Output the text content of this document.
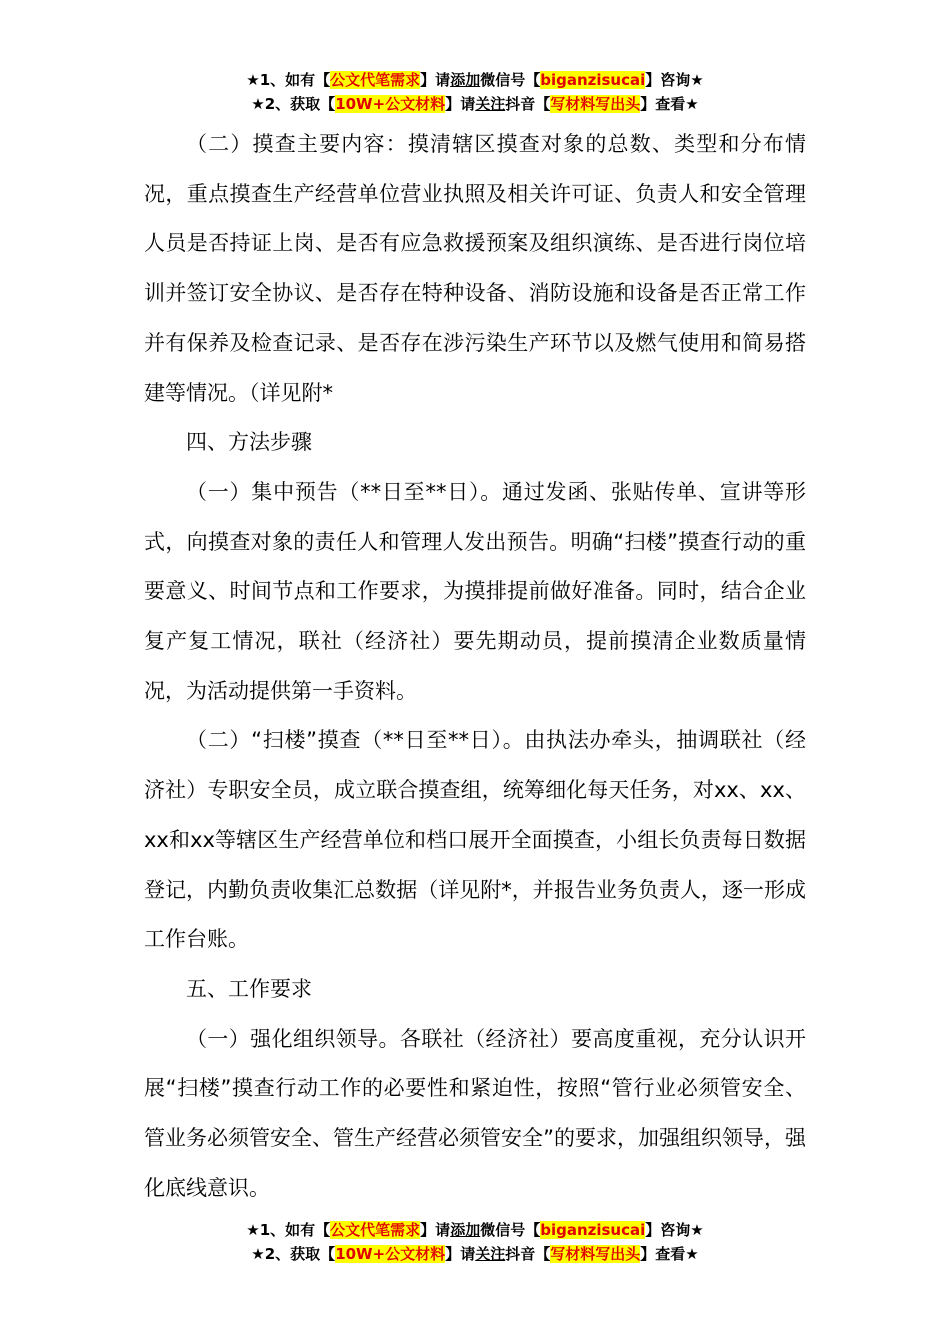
★1、如有【公文代笔需求】请添加微信号【biganzisucai】咨询★
★2、获取【10W+公文材料】请关注抖音【写材料写出头】查看★

（二）摸查主要内容：摸清辖区摸查对象的总数、类型和分布情况，重点摸查生产经营单位营业执照及相关许可证、负责人和安全管理人员是否持证上岗、是否有应急救援预案及组织演练、是否进行岗位培训并签订安全协议、是否存在特种设备、消防设施和设备是否正常工作并有保养及检查记录、是否存在涉污染生产环节以及燃气使用和简易搭建等情况。（详见附*

四、方法步骤

（一）集中预告（**日至**日）。通过发函、张贴传单、宣讲等形式，向摸查对象的责任人和管理人发出预告。明确“扫楼”摸查行动的重要意义、时间节点和工作要求，为摸排提前做好准备。同时，结合企业复产复工情况，联社（经济社）要先期动员，提前摸清企业数质量情况，为活动提供第一手资料。

（二）“扫楼”摸查（**日至**日）。由执法办牵头，抽调联社（经济社）专职安全员，成立联合摸查组，统筹细化每天任务，对xx、xx、xx和xx等辖区生产经营单位和档口展开全面摸查，小组长负责每日数据登记，内勤负责收集汇总数据（详见附*，并报告业务负责人，逐一形成工作台账。

五、工作要求

（一）强化组织领导。各联社（经济社）要高度重视，充分认识开展“扫楼”摸查行动工作的必要性和紧迫性，按照“管行业必须管安全、管业务必须管安全、管生产经营必须管安全”的要求，加强组织领导，强化底线意识。

★1、如有【公文代笔需求】请添加微信号【biganzisucai】咨询★
★2、获取【10W+公文材料】请关注抖音【写材料写出头】查看★
